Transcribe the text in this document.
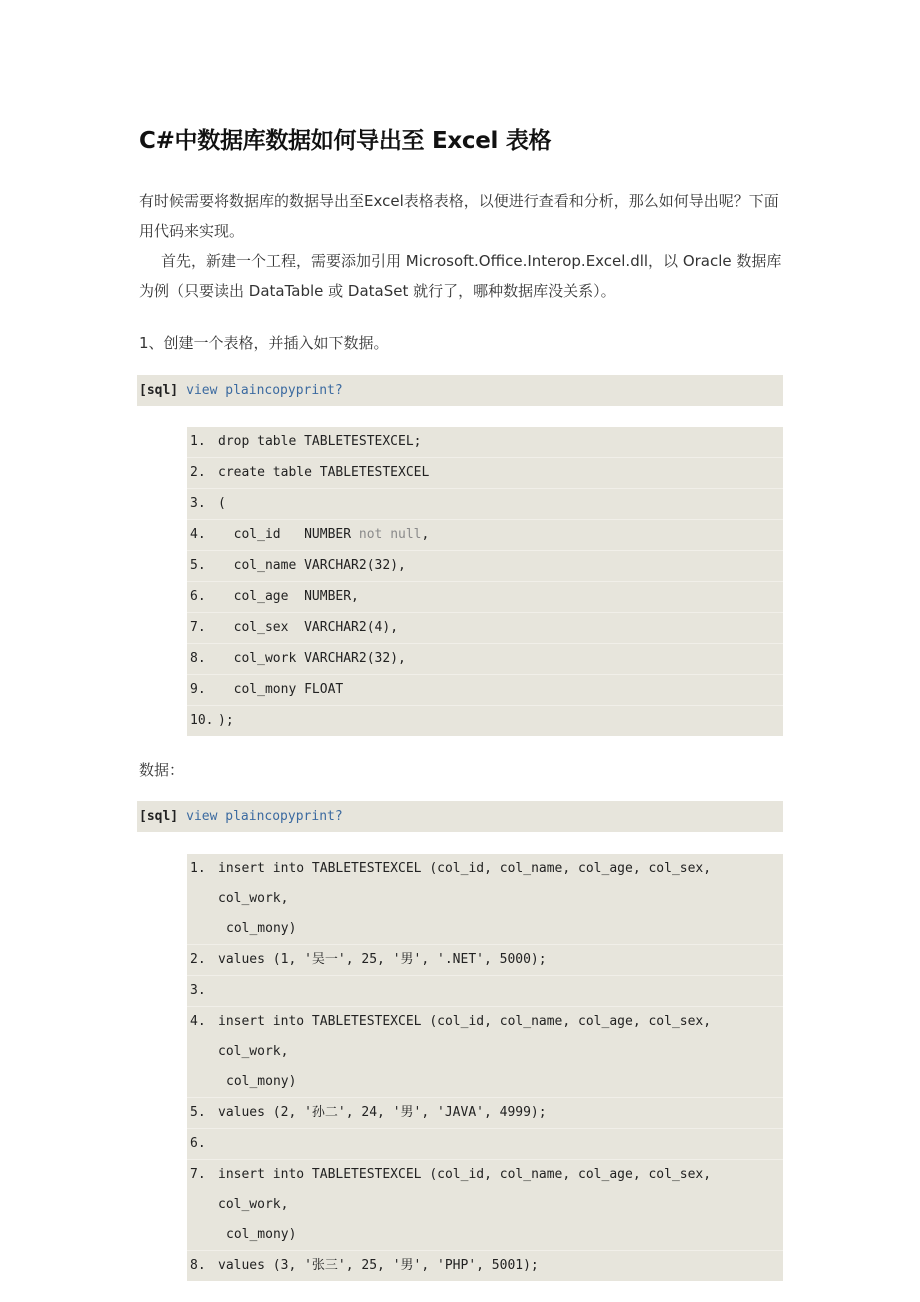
C#中数据库数据如何导出至 Excel 表格

有时候需要将数据库的数据导出至Excel表格表格，以便进行查看和分析，那么如何导出呢？下面用代码来实现。

首先，新建一个工程，需要添加引用 Microsoft.Office.Interop.Excel.dll，以 Oracle 数据库为例（只要读出 DataTable 或 DataSet 就行了，哪种数据库没关系）。

1、创建一个表格，并插入如下数据。

[sql] view plaincopyprint?
1. drop table TABLETESTEXCEL;
2. create table TABLETESTEXCEL
3. (
4. col_id   NUMBER not null,
5. col_name VARCHAR2(32),
6. col_age  NUMBER,
7. col_sex  VARCHAR2(4),
8. col_work VARCHAR2(32),
9. col_mony FLOAT
10. );

数据：

[sql] view plaincopyprint?
1. insert into TABLETESTEXCEL (col_id, col_name, col_age, col_sex, col_work,
col_mony)
2. values (1, '吴一', 25, '男', '.NET', 5000);
3.
4. insert into TABLETESTEXCEL (col_id, col_name, col_age, col_sex, col_work,
col_mony)
5. values (2, '孙二', 24, '男', 'JAVA', 4999);
6.
7. insert into TABLETESTEXCEL (col_id, col_name, col_age, col_sex, col_work,
col_mony)
8. values (3, '张三', 25, '男', 'PHP', 5001);
